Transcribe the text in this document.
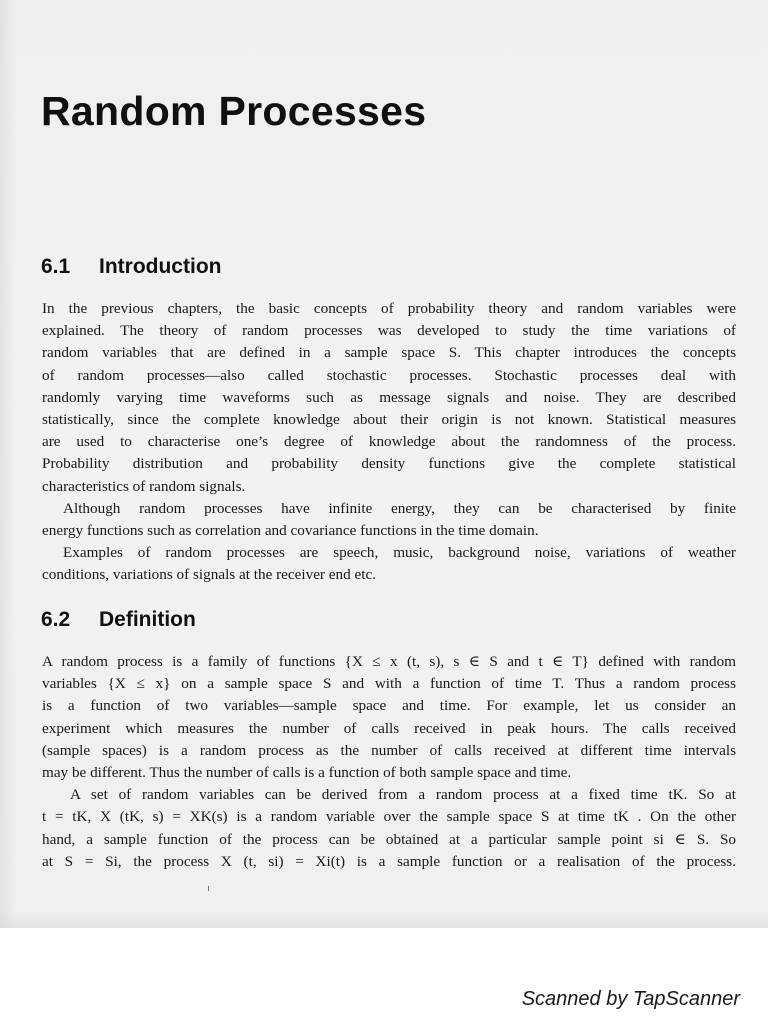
Random Processes
6.1 Introduction
In the previous chapters, the basic concepts of probability theory and random variables were
explained. The theory of random processes was developed to study the time variations of
random variables that are defined in a sample space S. This chapter introduces the concepts
of random processes—also called stochastic processes. Stochastic processes deal with
randomly varying time waveforms such as message signals and noise. They are described
statistically, since the complete knowledge about their origin is not known. Statistical measures
are used to characterise one’s degree of knowledge about the randomness of the process.
Probability distribution and probability density functions give the complete statistical
characteristics of random signals.
Although random processes have infinite energy, they can be characterised by finite
energy functions such as correlation and covariance functions in the time domain.
Examples of random processes are speech, music, background noise, variations of weather
conditions, variations of signals at the receiver end etc.
6.2 Definition
A random process is a family of functions {X ≤ x (t, s), s ∈ S and t ∈ T} defined with random
variables {X ≤ x} on a sample space S and with a function of time T. Thus a random process
is a function of two variables—sample space and time. For example, let us consider an
experiment which measures the number of calls received in peak hours. The calls received
(sample spaces) is a random process as the number of calls received at different time intervals
may be different. Thus the number of calls is a function of both sample space and time.
A set of random variables can be derived from a random process at a fixed time tK. So at
t = tK, X (tK, s) = XK(s) is a random variable over the sample space S at time tK . On the other
hand, a sample function of the process can be obtained at a particular sample point si ∈ S. So
at S = Si, the process X (t, si) = Xi(t) is a sample function or a realisation of the process.
Scanned by TapScanner
